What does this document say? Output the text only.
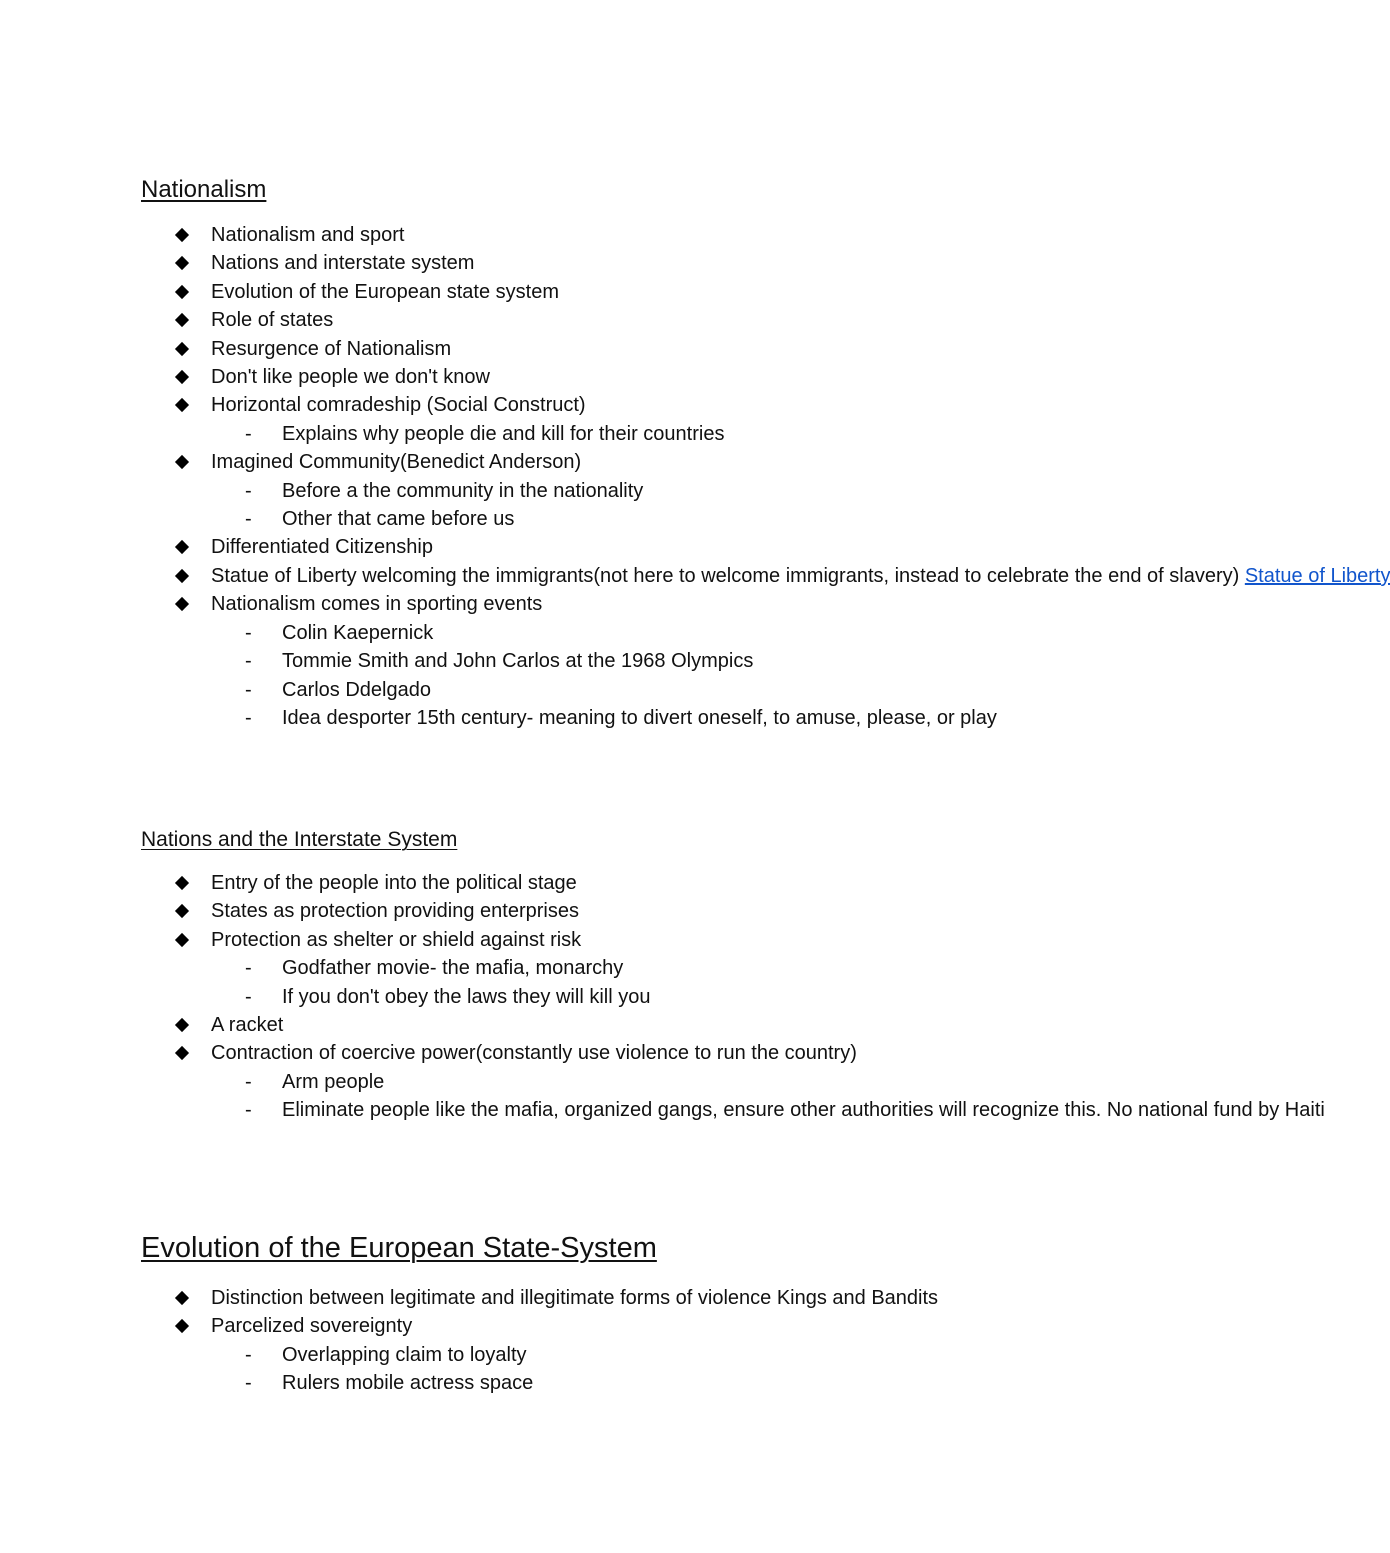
Nationalism
Nationalism and sport
Nations and interstate system
Evolution of the European state system
Role of states
Resurgence of Nationalism
Don't like people we don't know
Horizontal comradeship (Social Construct)
- Explains why people die and kill for their countries
Imagined Community(Benedict Anderson)
- Before a the community in the nationality
- Other that came before us
Differentiated Citizenship
Statue of Liberty welcoming the immigrants(not here to welcome immigrants, instead to celebrate the end of slavery) Statue of Liberty
Nationalism comes in sporting events
- Colin Kaepernick
- Tommie Smith and John Carlos at the 1968 Olympics
- Carlos Ddelgado
- Idea desporter 15th century- meaning to divert oneself, to amuse, please, or play
Nations and the Interstate System
Entry of the people into the political stage
States as protection providing enterprises
Protection as shelter or shield against risk
- Godfather movie- the mafia, monarchy
- If you don't obey the laws they will kill you
A racket
Contraction of coercive power(constantly use violence to run the country)
- Arm people
- Eliminate people like the mafia, organized gangs, ensure other authorities will recognize this. No national fund by Haiti
Evolution of the European State-System
Distinction between legitimate and illegitimate forms of violence Kings and Bandits
Parcelized sovereignty
- Overlapping claim to loyalty
- Rulers mobile actress space
